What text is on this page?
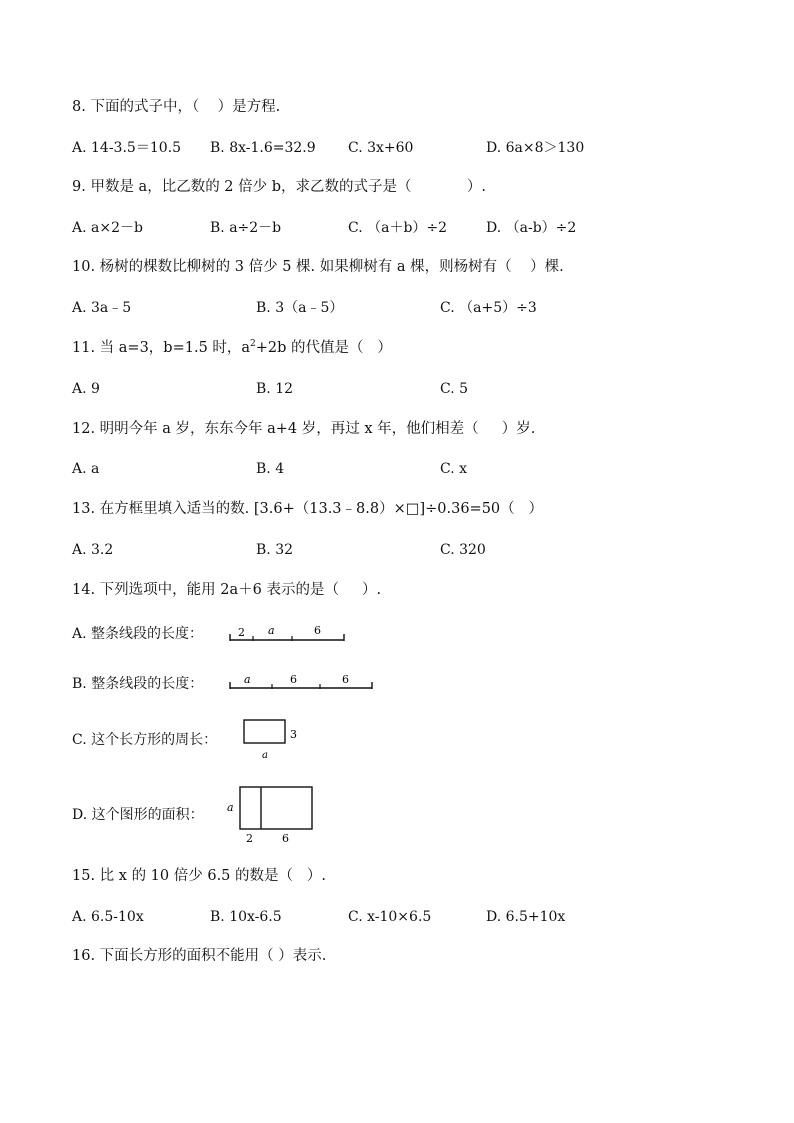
8. 下面的式子中，（    ）是方程.
A. 14-3.5＝10.5 B. 8x-1.6=32.9 C. 3x+60	D. 6a×8＞130
9. 甲数是 a，比乙数的 2 倍少 b，求乙数的式子是（            ）.
A. a×2－b	B. a÷2－b	C. （a＋b）÷2	D. （a-b）÷2
10. 杨树的棵数比柳树的 3 倍少 5 棵. 如果柳树有 a 棵，则杨树有（    ）棵.
A. 3a﹣5	B. 3（a﹣5）	C. （a+5）÷3
11. 当 a=3，b=1.5 时，$a^2+2b$ 的代值是（   ）
A. 9	B. 12	C. 5
12. 明明今年 a 岁，东东今年 a+4 岁，再过 x 年，他们相差（     ）岁.
A. a	B. 4	C. x
13. 在方框里填入适当的数. [3.6+（13.3﹣8.8）×□]÷0.36=50（   ）
A. 3.2	B. 32	C. 320
14. 下列选项中，能用 2a＋6 表示的是（     ）.
A. 整条线段的长度：	2 a	6
B. 整条线段的长度：	a	6	6
C. 这个长方形的周长：	3
a
D. 这个图形的面积： a
2	6
15. 比 x 的 10 倍少 6.5 的数是（   ）.
A. 6.5-10x	B. 10x-6.5	C. x-10×6.5	D. 6.5+10x
16. 下面长方形的面积不能用（ ）表示.
